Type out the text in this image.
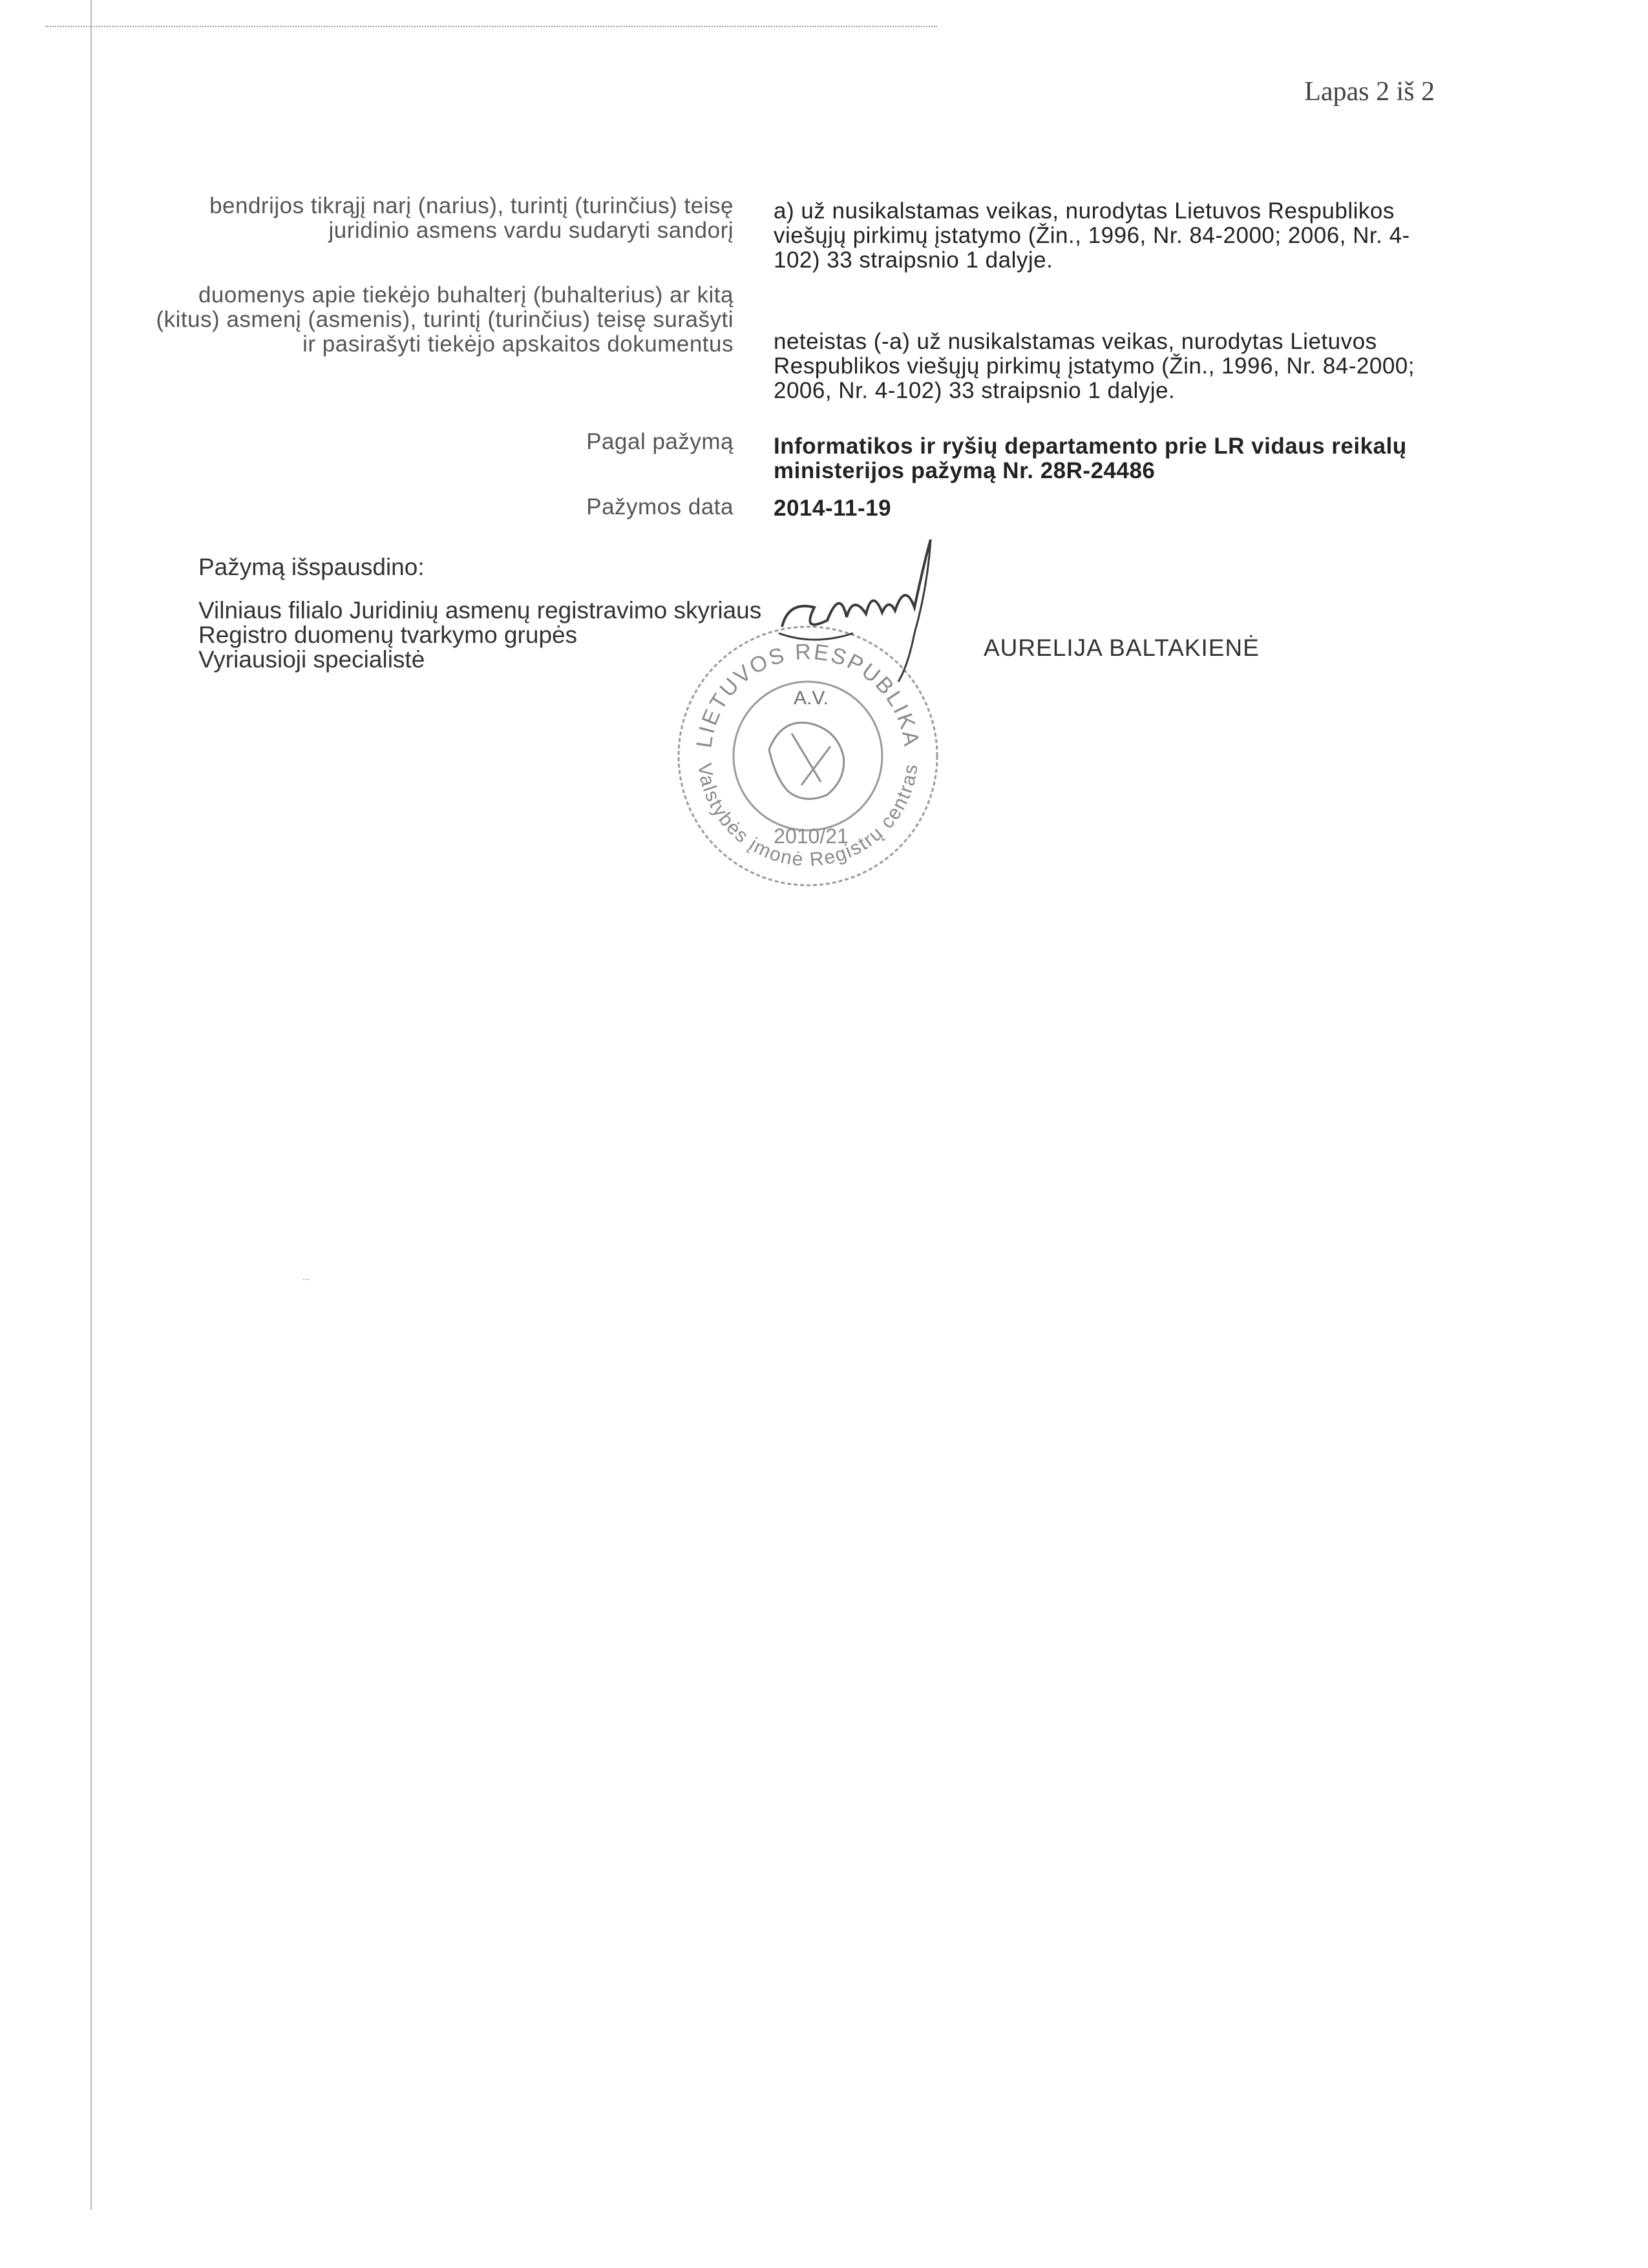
Lapas 2 iš 2
bendrijos tikrąjį narį (narius), turintį (turinčius) teisę juridinio asmens vardu sudaryti sandorį
a) už nusikalstamas veikas, nurodytas Lietuvos Respublikos viešųjų pirkimų įstatymo (Žin., 1996, Nr. 84-2000; 2006, Nr. 4-102) 33 straipsnio 1 dalyje.
duomenys apie tiekėjo buhalterį (buhalterius) ar kitą (kitus) asmenį (asmenis), turintį (turinčius) teisę surašyti ir pasirašyti tiekėjo apskaitos dokumentus neteistas (-a) už nusikalstamas veikas, nurodytas Lietuvos Respublikos viešųjų pirkimų įstatymo (Žin., 1996, Nr. 84-2000; 2006, Nr. 4-102) 33 straipsnio 1 dalyje.
Pagal pažymą Informatikos ir ryšių departamento prie LR vidaus reikalų ministerijos pažymą Nr. 28R-24486
Pažymos data 2014-11-19
Pažymą išspausdino:
Vilniaus filialo Juridinių asmenų registravimo skyriaus
Registro duomenų tvarkymo grupės
Vyriausioji specialistė	AURELIJA BALTAKIENĖ
LIETUVOS RESPUBLIKA
Valstybės įmonė Registrų centras
A.V.
2010/21
...
